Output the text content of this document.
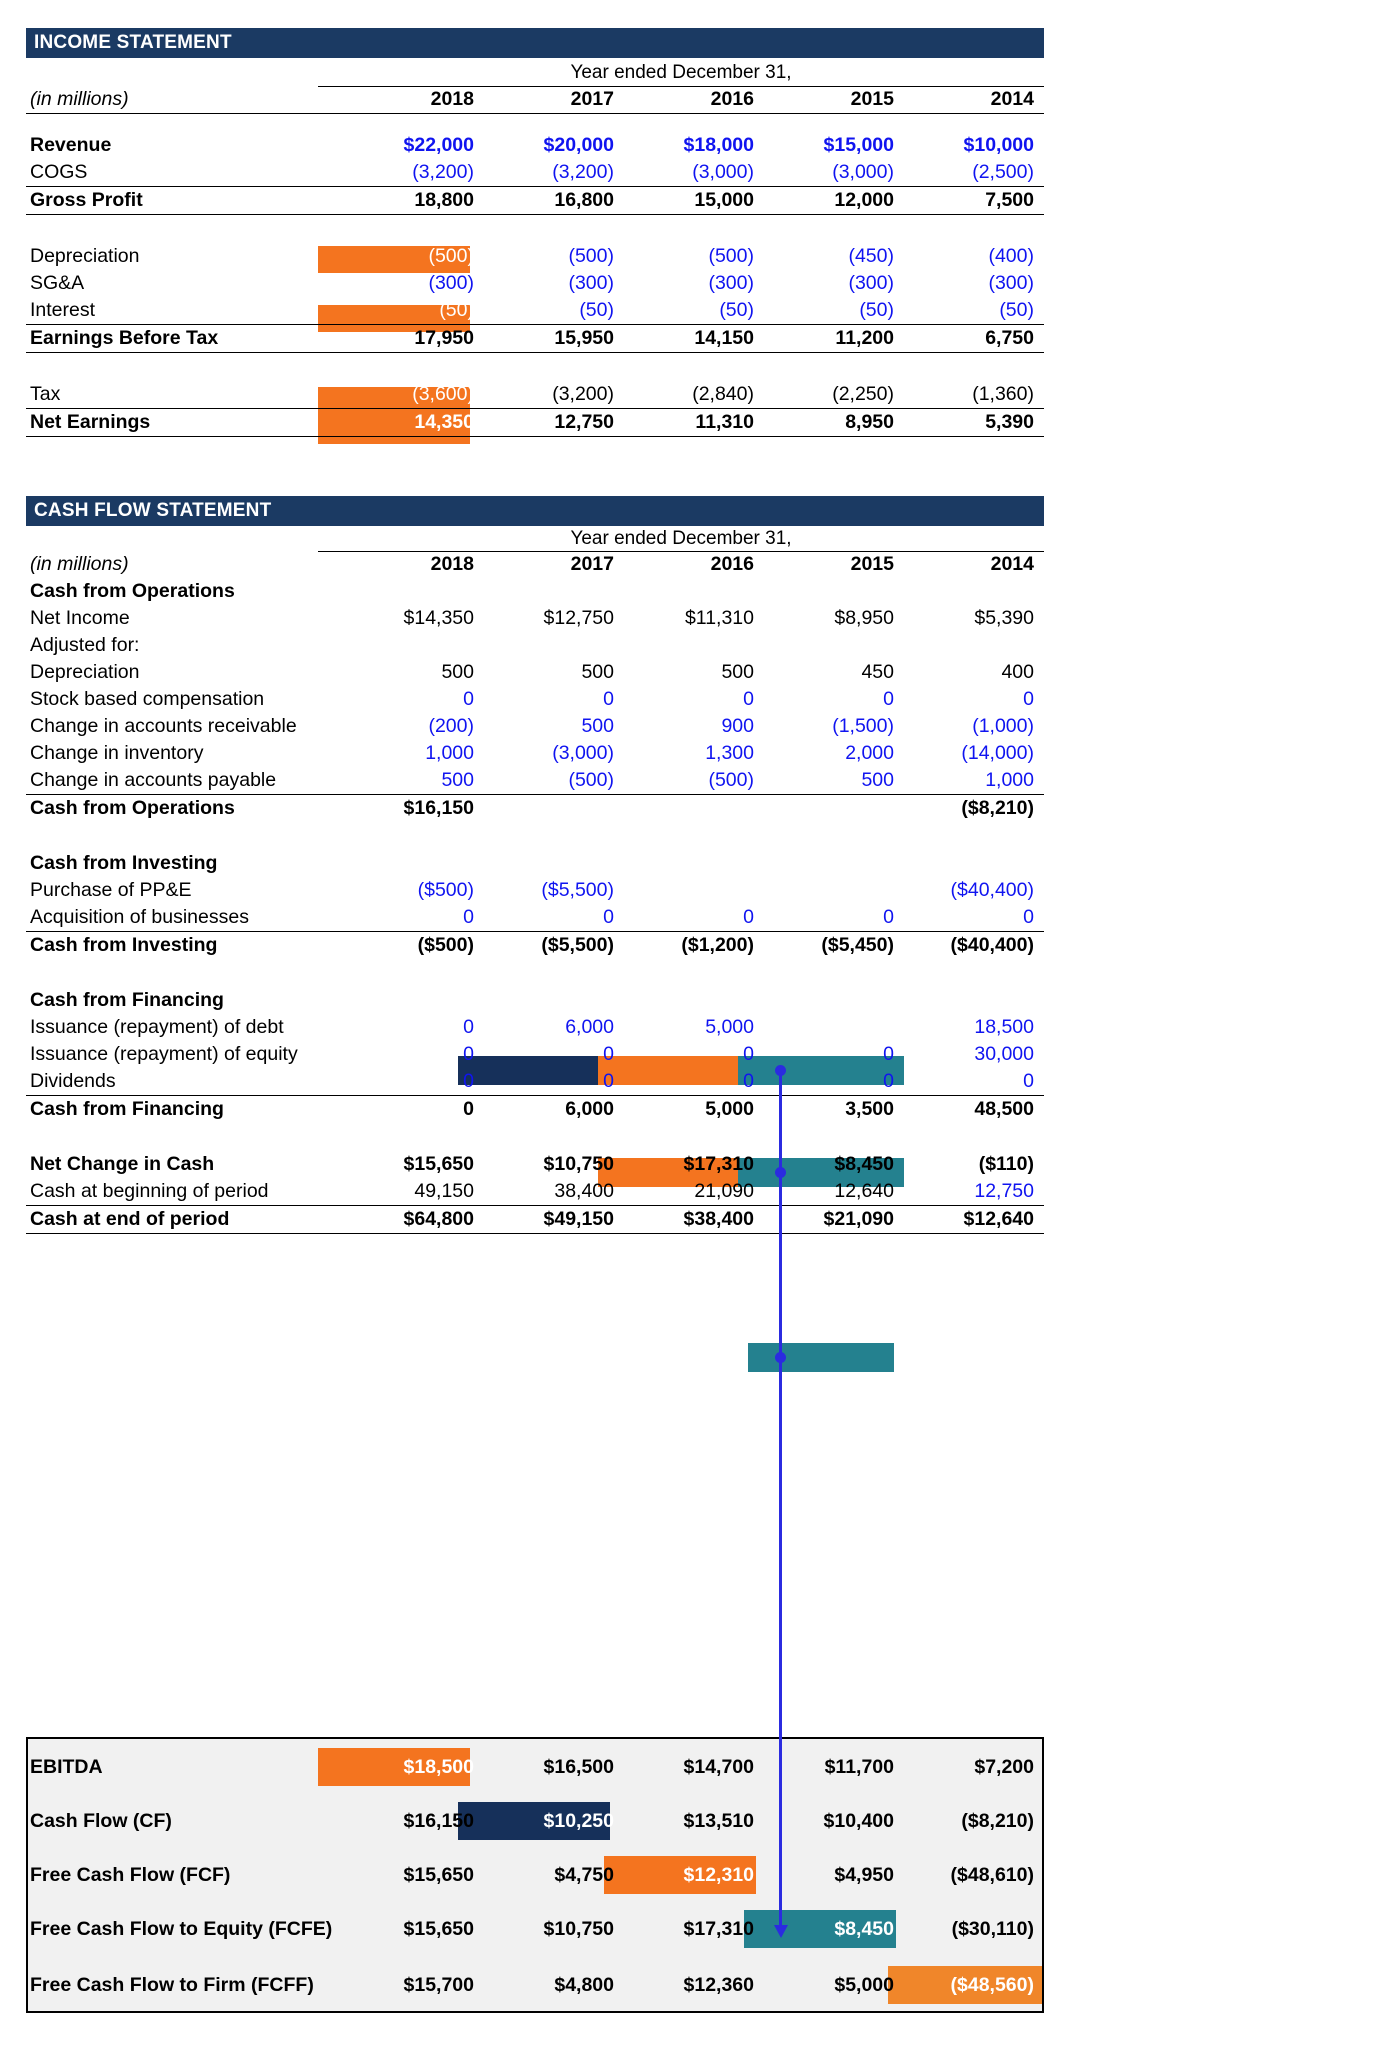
INCOME STATEMENT
Year ended December 31,
(in millions)	2018	2017	2016	2015	2014

Revenue	$22,000	$20,000	$18,000	$15,000	$10,000
COGS	(3,200)	(3,200)	(3,000)	(3,000)	(2,500)
Gross Profit	18,800	16,800	15,000	12,000	7,500

Depreciation	(500)	(500)	(500)	(450)	(400)
SG&A	(300)	(300)	(300)	(300)	(300)
Interest	(50)	(50)	(50)	(50)	(50)
Earnings Before Tax	17,950	15,950	14,150	11,200	6,750

Tax	(3,600)	(3,200)	(2,840)	(2,250)	(1,360)
Net Earnings	14,350	12,750	11,310	8,950	5,390
CASH FLOW STATEMENT
Year ended December 31,
(in millions)	2018	2017	2016	2015	2014
Cash from Operations					
Net Income	$14,350	$12,750	$11,310	$8,950	$5,390
Adjusted for:					
Depreciation	500	500	500	450	400
Stock based compensation	0	0	0	0	0
Change in accounts receivable	(200)	500	900	(1,500)	(1,000)
Change in inventory	1,000	(3,000)	1,300	2,000	(14,000)
Change in accounts payable	500	(500)	(500)	500	1,000
Cash from Operations	$16,150	$10,250	$13,510	$10,400	($8,210)

Cash from Investing					
Purchase of PP&E	($500)	($5,500)	($1,200)	($5,450)	($40,400)
Acquisition of businesses	0	0	0	0	0
Cash from Investing	($500)	($5,500)	($1,200)	($5,450)	($40,400)

Cash from Financing					
Issuance (repayment) of debt	0	6,000	5,000	3,500	18,500
Issuance (repayment) of equity	0	0	0	0	30,000
Dividends	0	0	0	0	0
Cash from Financing	0	6,000	5,000	3,500	48,500

Net Change in Cash	$15,650	$10,750	$17,310	$8,450	($110)
Cash at beginning of period	49,150	38,400	21,090	12,640	12,750
Cash at end of period	$64,800	$49,150	$38,400	$21,090	$12,640
EBITDA	$18,500	$16,500	$14,700	$11,700	$7,200

Cash Flow (CF)	$16,150	$10,250	$13,510	$10,400	($8,210)

Free Cash Flow (FCF)	$15,650	$4,750	$12,310	$4,950	($48,610)

Free Cash Flow to Equity (FCFE)	$15,650	$10,750	$17,310	$8,450	($30,110)

Free Cash Flow to Firm (FCFF)	$15,700	$4,800	$12,360	$5,000	($48,560)
